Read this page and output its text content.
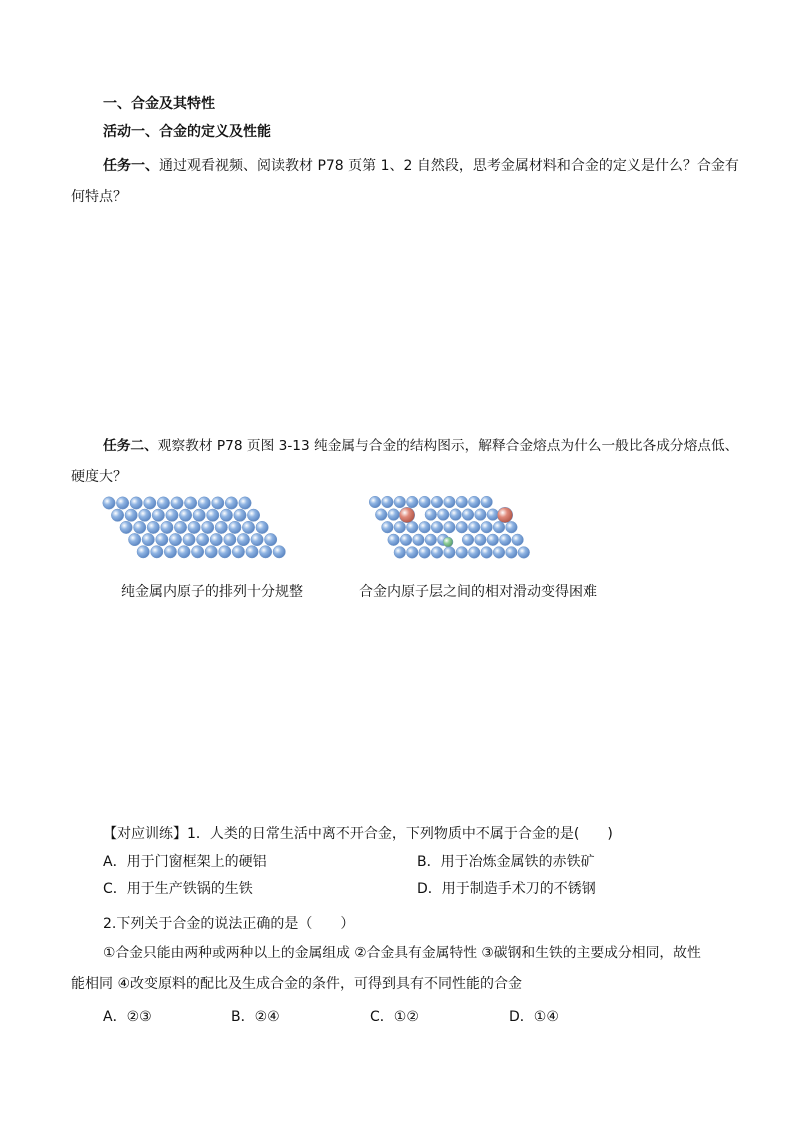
一、合金及其特性
活动一、合金的定义及性能
任务一、通过观看视频、阅读教材 P78 页第 1、2 自然段，思考金属材料和合金的定义是什么？合金有
何特点？
任务二、观察教材 P78 页图 3-13 纯金属与合金的结构图示，解释合金熔点为什么一般比各成分熔点低、
硬度大？
纯金属内原子的排列十分规整	合金内原子层之间的相对滑动变得困难
【对应训练】1．人类的日常生活中离不开合金，下列物质中不属于合金的是(　　)
A．用于门窗框架上的硬铝	B．用于冶炼金属铁的赤铁矿
C．用于生产铁锅的生铁	D．用于制造手术刀的不锈钢
2.下列关于合金的说法正确的是（　　）
①合金只能由两种或两种以上的金属组成 ②合金具有金属特性 ③碳钢和生铁的主要成分相同，故性
能相同 ④改变原料的配比及生成合金的条件，可得到具有不同性能的合金
A．②③	B．②④	C．①②	D．①④
